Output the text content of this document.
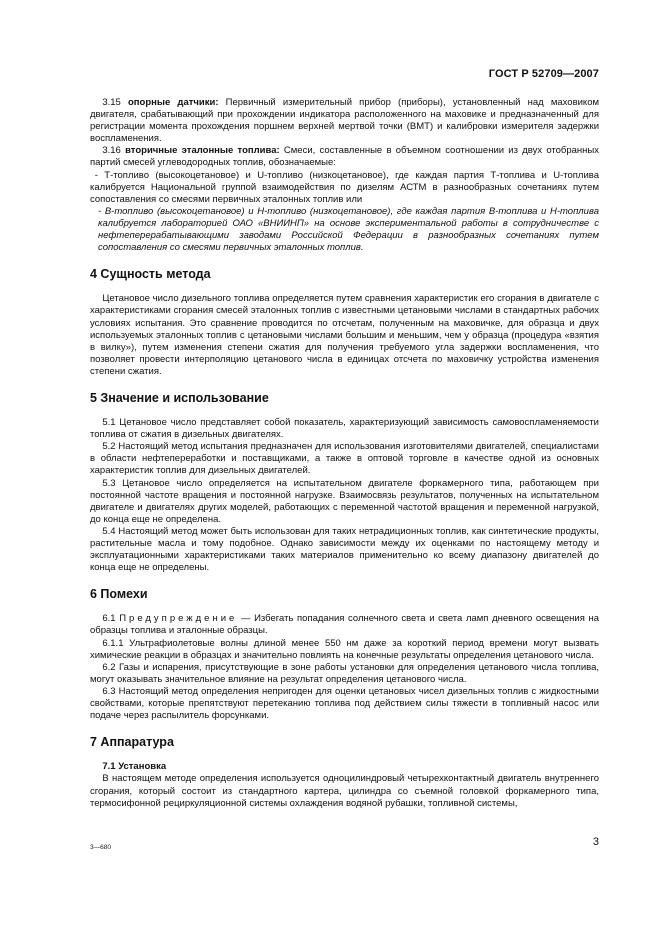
ГОСТ Р 52709—2007

3.15 опорные датчики: Первичный измерительный прибор (приборы), установленный над маховиком двигателя, срабатывающий при прохождении индикатора расположенного на маховике и предназначенный для регистрации момента прохождения поршнем верхней мертвой точки (ВМТ) и калибровки измерителя задержки воспламенения.

3.16 вторичные эталонные топлива: Смеси, составленные в объемном соотношении из двух отобранных партий смесей углеводородных топлив, обозначаемые:

- Т-топливо (высокоцетановое) и U-топливо (низкоцетановое), где каждая партия Т-топлива и U-топлива калибруется Национальной группой взаимодействия по дизелям АСТМ в разнообразных сочетаниях путем сопоставления со смесями первичных эталонных топлив или

- В-топливо (высокоцетановое) и Н-топливо (низкоцетановое), где каждая партия В-топлива и Н-топлива калибруется лабораторией ОАО «ВНИИНП» на основе экспериментальной работы в сотрудничестве с нефтеперерабатывающими заводами Российской Федерации в разнообразных сочетаниях путем сопоставления со смесями первичных эталонных топлив.

4 Сущность метода

Цетановое число дизельного топлива определяется путем сравнения характеристик его сгорания в двигателе с характеристиками сгорания смесей эталонных топлив с известными цетановыми числами в стандартных рабочих условиях испытания. Это сравнение проводится по отсчетам, полученным на маховичке, для образца и двух используемых эталонных топлив с цетановыми числами большим и меньшим, чем у образца (процедура «взятия в вилку»), путем изменения степени сжатия для получения требуемого угла задержки воспламенения, что позволяет провести интерполяцию цетанового числа в единицах отсчета по маховичку устройства изменения степени сжатия.

5 Значение и использование

5.1 Цетановое число представляет собой показатель, характеризующий зависимость самовоспламеняемости топлива от сжатия в дизельных двигателях.

5.2 Настоящий метод испытания предназначен для использования изготовителями двигателей, специалистами в области нефтепереработки и поставщиками, а также в оптовой торговле в качестве одной из основных характеристик топлив для дизельных двигателей.

5.3 Цетановое число определяется на испытательном двигателе форкамерного типа, работающем при постоянной частоте вращения и постоянной нагрузке. Взаимосвязь результатов, полученных на испытательном двигателе и двигателях других моделей, работающих с переменной частотой вращения и переменной нагрузкой, до конца еще не определена.

5.4 Настоящий метод может быть использован для таких нетрадиционных топлив, как синтетические продукты, растительные масла и тому подобное. Однако зависимости между их оценками по настоящему методу и эксплуатационными характеристиками таких материалов применительно ко всему диапазону двигателей до конца еще не определены.

6 Помехи

6.1 Предупреждение — Избегать попадания солнечного света и света ламп дневного освещения на образцы топлива и эталонные образцы.

6.1.1 Ультрафиолетовые волны длиной менее 550 нм даже за короткий период времени могут вызвать химические реакции в образцах и значительно повлиять на конечные результаты определения цетанового числа.

6.2 Газы и испарения, присутствующие в зоне работы установки для определения цетанового числа топлива, могут оказывать значительное влияние на результат определения цетанового числа.

6.3 Настоящий метод определения непригоден для оценки цетановых чисел дизельных топлив с жидкостными свойствами, которые препятствуют перетеканию топлива под действием силы тяжести в топливный насос или подаче через распылитель форсунками.

7 Аппаратура
7.1 Установка

В настоящем методе определения используется одноцилиндровый четырехконтактный двигатель внутреннего сгорания, который состоит из стандартного картера, цилиндра со съемной головкой форкамерного типа, термосифонной рециркуляционной системы охлаждения водяной рубашки, топливной системы,

3—680	3
